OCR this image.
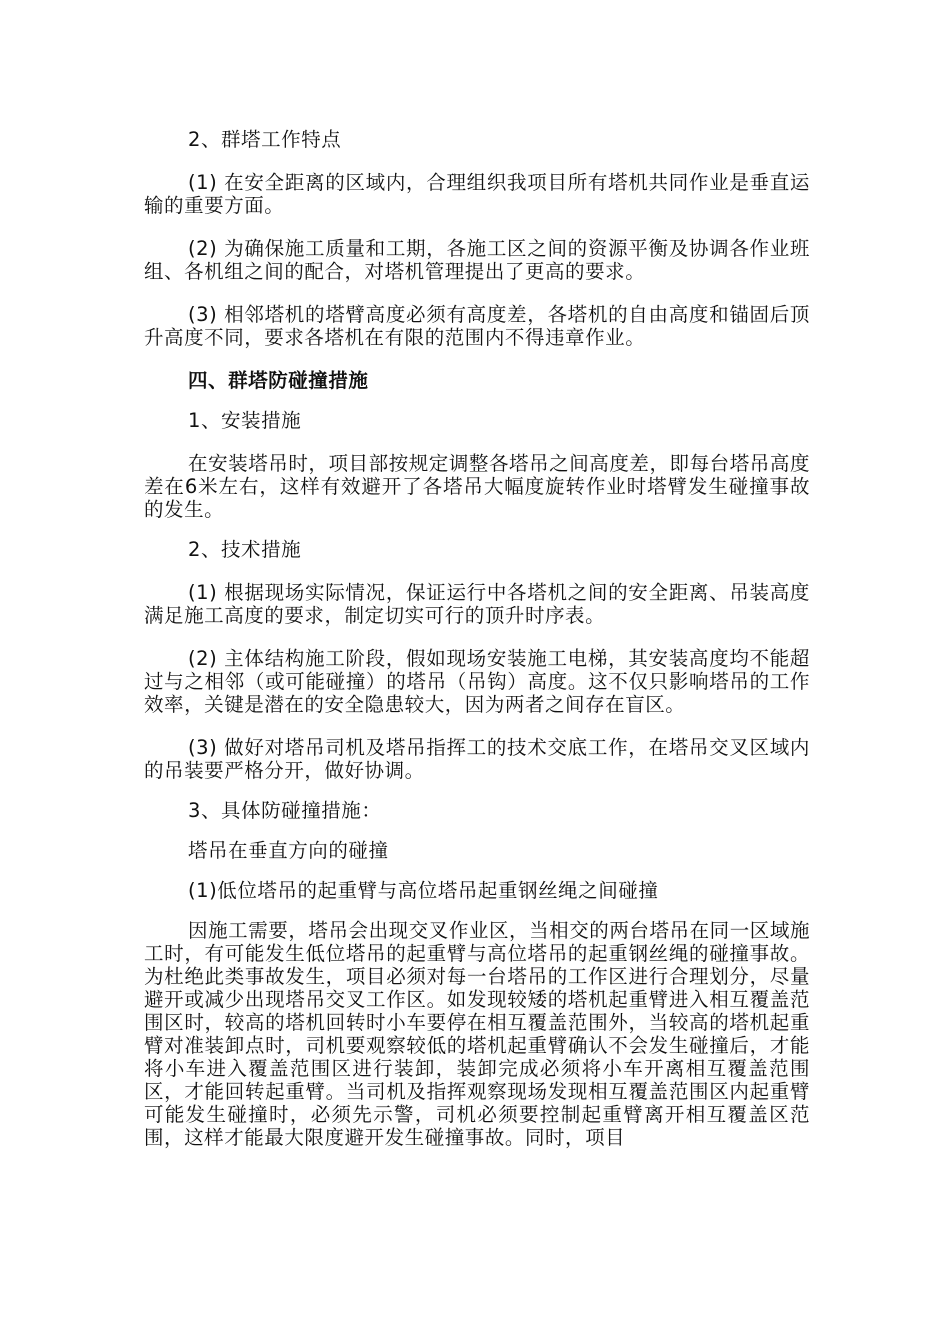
2、群塔工作特点

(1) 在安全距离的区域内，合理组织我项目所有塔机共同作业是垂直运输的重要方面。

(2) 为确保施工质量和工期，各施工区之间的资源平衡及协调各作业班组、各机组之间的配合，对塔机管理提出了更高的要求。

(3) 相邻塔机的塔臂高度必须有高度差，各塔机的自由高度和锚固后顶升高度不同，要求各塔机在有限的范围内不得违章作业。

四、群塔防碰撞措施

1、安装措施

在安装塔吊时，项目部按规定调整各塔吊之间高度差，即每台塔吊高度差在6米左右，这样有效避开了各塔吊大幅度旋转作业时塔臂发生碰撞事故的发生。

2、技术措施

(1) 根据现场实际情况，保证运行中各塔机之间的安全距离、吊装高度满足施工高度的要求，制定切实可行的顶升时序表。

(2) 主体结构施工阶段，假如现场安装施工电梯，其安装高度均不能超过与之相邻（或可能碰撞）的塔吊（吊钩）高度。这不仅只影响塔吊的工作效率，关键是潜在的安全隐患较大，因为两者之间存在盲区。

(3) 做好对塔吊司机及塔吊指挥工的技术交底工作，在塔吊交叉区域内的吊装要严格分开，做好协调。

3、具体防碰撞措施：

塔吊在垂直方向的碰撞

(1)低位塔吊的起重臂与高位塔吊起重钢丝绳之间碰撞

因施工需要，塔吊会出现交叉作业区，当相交的两台塔吊在同一区域施工时，有可能发生低位塔吊的起重臂与高位塔吊的起重钢丝绳的碰撞事故。为杜绝此类事故发生，项目必须对每一台塔吊的工作区进行合理划分，尽量避开或减少出现塔吊交叉工作区。如发现较矮的塔机起重臂进入相互覆盖范围区时，较高的塔机回转时小车要停在相互覆盖范围外，当较高的塔机起重臂对准装卸点时，司机要观察较低的塔机起重臂确认不会发生碰撞后，才能将小车进入覆盖范围区进行装卸，装卸完成必须将小车开离相互覆盖范围区，才能回转起重臂。当司机及指挥观察现场发现相互覆盖范围区内起重臂可能发生碰撞时，必须先示警，司机必须要控制起重臂离开相互覆盖区范围，这样才能最大限度避开发生碰撞事故。同时，项目
